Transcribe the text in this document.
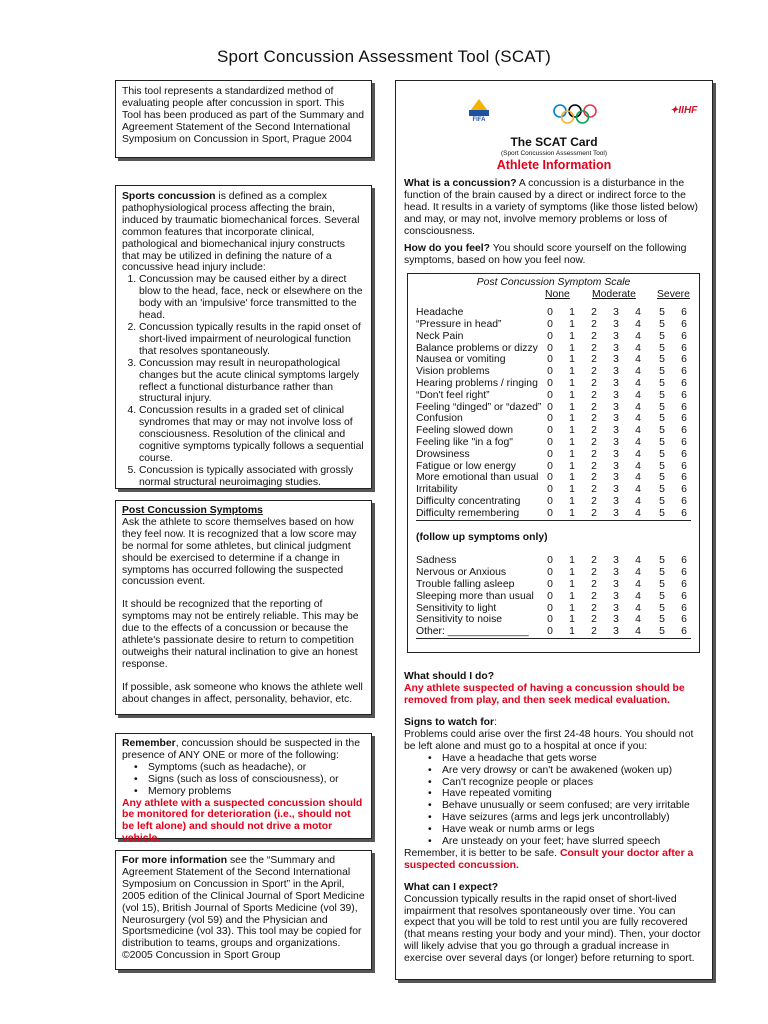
Sport Concussion Assessment Tool (SCAT)

This tool represents a standardized method of evaluating people after concussion in sport. This Tool has been produced as part of the Summary and Agreement Statement of the Second International Symposium on Concussion in Sport, Prague 2004

Sports concussion is defined as a complex pathophysiological process affecting the brain, induced by traumatic biomechanical forces. Several common features that incorporate clinical, pathological and biomechanical injury constructs that may be utilized in defining the nature of a concussive head injury include:

1. Concussion may be caused either by a direct blow to the head, face, neck or elsewhere on the body with an 'impulsive' force transmitted to the head.
2. Concussion typically results in the rapid onset of short-lived impairment of neurological function that resolves spontaneously.
3. Concussion may result in neuropathological changes but the acute clinical symptoms largely reflect a functional disturbance rather than structural injury.
4. Concussion results in a graded set of clinical syndromes that may or may not involve loss of consciousness. Resolution of the clinical and cognitive symptoms typically follows a sequential course.
5. Concussion is typically associated with grossly normal structural neuroimaging studies.

Post Concussion Symptoms

Ask the athlete to score themselves based on how they feel now. It is recognized that a low score may be normal for some athletes, but clinical judgment should be exercised to determine if a change in symptoms has occurred following the suspected concussion event.

It should be recognized that the reporting of symptoms may not be entirely reliable. This may be due to the effects of a concussion or because the athlete's passionate desire to return to competition outweighs their natural inclination to give an honest response.

If possible, ask someone who knows the athlete well about changes in affect, personality, behavior, etc.

Remember, concussion should be suspected in the presence of ANY ONE or more of the following:

• Symptoms (such as headache), or
• Signs (such as loss of consciousness), or
• Memory problems

Any athlete with a suspected concussion should be monitored for deterioration (i.e., should not be left alone) and should not drive a motor vehicle.

For more information see the “Summary and Agreement Statement of the Second International Symposium on Concussion in Sport” in the April, 2005 edition of the Clinical Journal of Sport Medicine (vol 15), British Journal of Sports Medicine (vol 39), Neurosurgery (vol 59) and the Physician and Sportsmedicine (vol 33). This tool may be copied for distribution to teams, groups and organizations.

©2005 Concussion in Sport Group

FIFA
✦IIHF
The SCAT Card
(Sport Concussion Assessment Tool)
Athlete Information

What is a concussion? A concussion is a disturbance in the function of the brain caused by a direct or indirect force to the head. It results in a variety of symptoms (like those listed below) and may, or may not, involve memory problems or loss of consciousness.

How do you feel? You should score yourself on the following symptoms, based on how you feel now.

Post Concussion Symptom Scale
None Moderate Severe
Headache	0 1 2 3 4 5 6
“Pressure in head”	0 1 2 3 4 5 6
Neck Pain	0 1 2 3 4 5 6
Balance problems or dizzy 0 1 2 3 4 5 6
Nausea or vomiting	0 1 2 3 4 5 6
Vision problems	0 1 2 3 4 5 6
Hearing problems / ringing 0 1 2 3 4 5 6
“Don't feel right”	0 1 2 3 4 5 6
Feeling “dinged” or “dazed” 0 1 2 3 4 5 6
Confusion	0 1 2 3 4 5 6
Feeling slowed down	0 1 2 3 4 5 6
Feeling like "in a fog"	0 1 2 3 4 5 6
Drowsiness	0 1 2 3 4 5 6
Fatigue or low energy	0 1 2 3 4 5 6
More emotional than usual 0 1 2 3 4 5 6
Irritability	0 1 2 3 4 5 6
Difficulty concentrating	0 1 2 3 4 5 6
Difficulty remembering	0 1 2 3 4 5 6
(follow up symptoms only)
Sadness	0 1 2 3 4 5 6
Nervous or Anxious	0 1 2 3 4 5 6
Trouble falling asleep	0 1 2 3 4 5 6
Sleeping more than usual 0 1 2 3 4 5 6
Sensitivity to light	0 1 2 3 4 5 6
Sensitivity to noise	0 1 2 3 4 5 6
Other: ______________ 0 1 2 3 4 5 6

What should I do?

Any athlete suspected of having a concussion should be removed from play, and then seek medical evaluation.

Signs to watch for:

Problems could arise over the first 24-48 hours. You should not be left alone and must go to a hospital at once if you:

• Have a headache that gets worse
• Are very drowsy or can't be awakened (woken up)
• Can't recognize people or places
• Have repeated vomiting
• Behave unusually or seem confused; are very irritable
• Have seizures (arms and legs jerk uncontrollably)
• Have weak or numb arms or legs
• Are unsteady on your feet; have slurred speech

Remember, it is better to be safe. Consult your doctor after a suspected concussion.

What can I expect?

Concussion typically results in the rapid onset of short-lived impairment that resolves spontaneously over time. You can expect that you will be told to rest until you are fully recovered (that means resting your body and your mind). Then, your doctor will likely advise that you go through a gradual increase in exercise over several days (or longer) before returning to sport.
